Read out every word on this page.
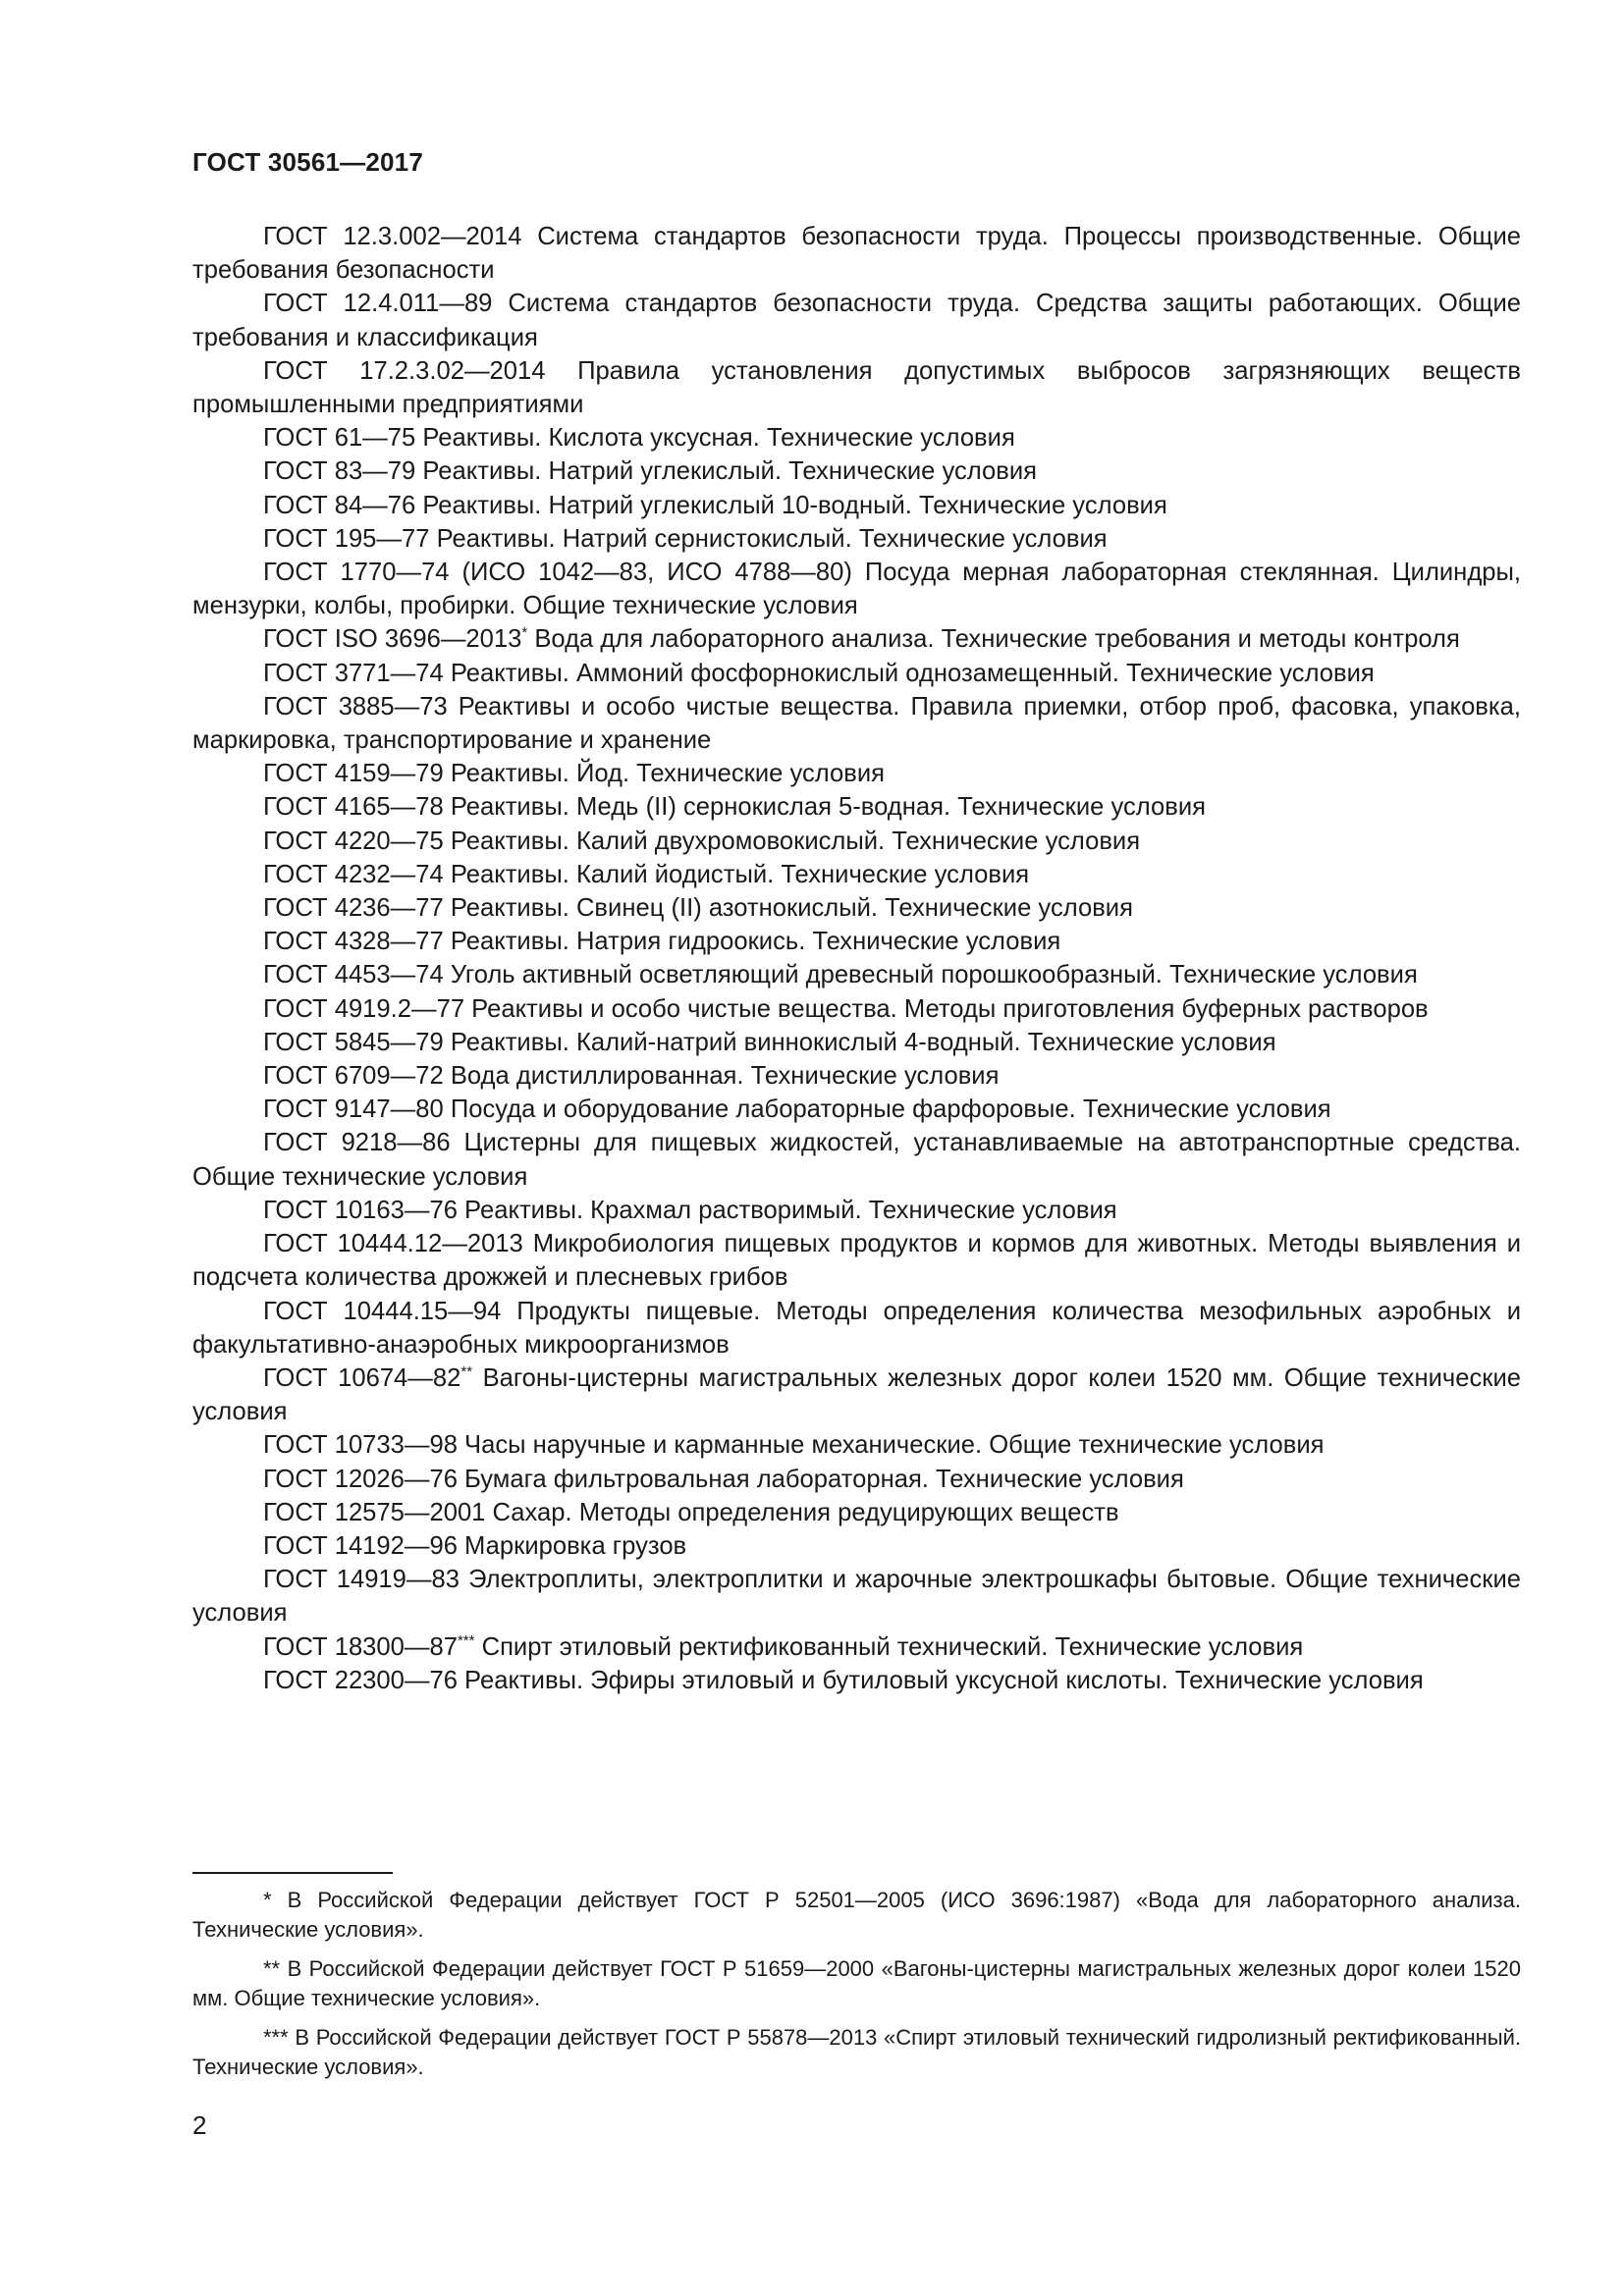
ГОСТ 30561—2017

ГОСТ 12.3.002—2014 Система стандартов безопасности труда. Процессы производственные. Общие требования безопасности

ГОСТ 12.4.011—89 Система стандартов безопасности труда. Средства защиты работающих. Общие требования и классификация

ГОСТ 17.2.3.02—2014 Правила установления допустимых выбросов загрязняющих веществ промышленными предприятиями

ГОСТ 61—75 Реактивы. Кислота уксусная. Технические условия

ГОСТ 83—79 Реактивы. Натрий углекислый. Технические условия

ГОСТ 84—76 Реактивы. Натрий углекислый 10-водный. Технические условия

ГОСТ 195—77 Реактивы. Натрий сернистокислый. Технические условия

ГОСТ 1770—74 (ИСО 1042—83, ИСО 4788—80) Посуда мерная лабораторная стеклянная. Цилиндры, мензурки, колбы, пробирки. Общие технические условия

ГОСТ ISO 3696—2013* Вода для лабораторного анализа. Технические требования и методы контроля

ГОСТ 3771—74 Реактивы. Аммоний фосфорнокислый однозамещенный. Технические условия

ГОСТ 3885—73 Реактивы и особо чистые вещества. Правила приемки, отбор проб, фасовка, упаковка, маркировка, транспортирование и хранение

ГОСТ 4159—79 Реактивы. Йод. Технические условия

ГОСТ 4165—78 Реактивы. Медь (II) сернокислая 5-водная. Технические условия

ГОСТ 4220—75 Реактивы. Калий двухромовокислый. Технические условия

ГОСТ 4232—74 Реактивы. Калий йодистый. Технические условия

ГОСТ 4236—77 Реактивы. Свинец (II) азотнокислый. Технические условия

ГОСТ 4328—77 Реактивы. Натрия гидроокись. Технические условия

ГОСТ 4453—74 Уголь активный осветляющий древесный порошкообразный. Технические условия

ГОСТ 4919.2—77 Реактивы и особо чистые вещества. Методы приготовления буферных растворов

ГОСТ 5845—79 Реактивы. Калий-натрий виннокислый 4-водный. Технические условия

ГОСТ 6709—72 Вода дистиллированная. Технические условия

ГОСТ 9147—80 Посуда и оборудование лабораторные фарфоровые. Технические условия

ГОСТ 9218—86 Цистерны для пищевых жидкостей, устанавливаемые на автотранспортные средства. Общие технические условия

ГОСТ 10163—76 Реактивы. Крахмал растворимый. Технические условия

ГОСТ 10444.12—2013 Микробиология пищевых продуктов и кормов для животных. Методы выявления и подсчета количества дрожжей и плесневых грибов

ГОСТ 10444.15—94 Продукты пищевые. Методы определения количества мезофильных аэробных и факультативно-анаэробных микроорганизмов

ГОСТ 10674—82** Вагоны-цистерны магистральных железных дорог колеи 1520 мм. Общие технические условия

ГОСТ 10733—98 Часы наручные и карманные механические. Общие технические условия

ГОСТ 12026—76 Бумага фильтровальная лабораторная. Технические условия

ГОСТ 12575—2001 Сахар. Методы определения редуцирующих веществ

ГОСТ 14192—96 Маркировка грузов

ГОСТ 14919—83 Электроплиты, электроплитки и жарочные электрошкафы бытовые. Общие технические условия

ГОСТ 18300—87*** Спирт этиловый ректификованный технический. Технические условия

ГОСТ 22300—76 Реактивы. Эфиры этиловый и бутиловый уксусной кислоты. Технические условия

* В Российской Федерации действует ГОСТ Р 52501—2005 (ИСО 3696:1987) «Вода для лабораторного анализа. Технические условия».

** В Российской Федерации действует ГОСТ Р 51659—2000 «Вагоны-цистерны магистральных железных дорог колеи 1520 мм. Общие технические условия».

*** В Российской Федерации действует ГОСТ Р 55878—2013 «Спирт этиловый технический гидролизный ректификованный. Технические условия».

2
